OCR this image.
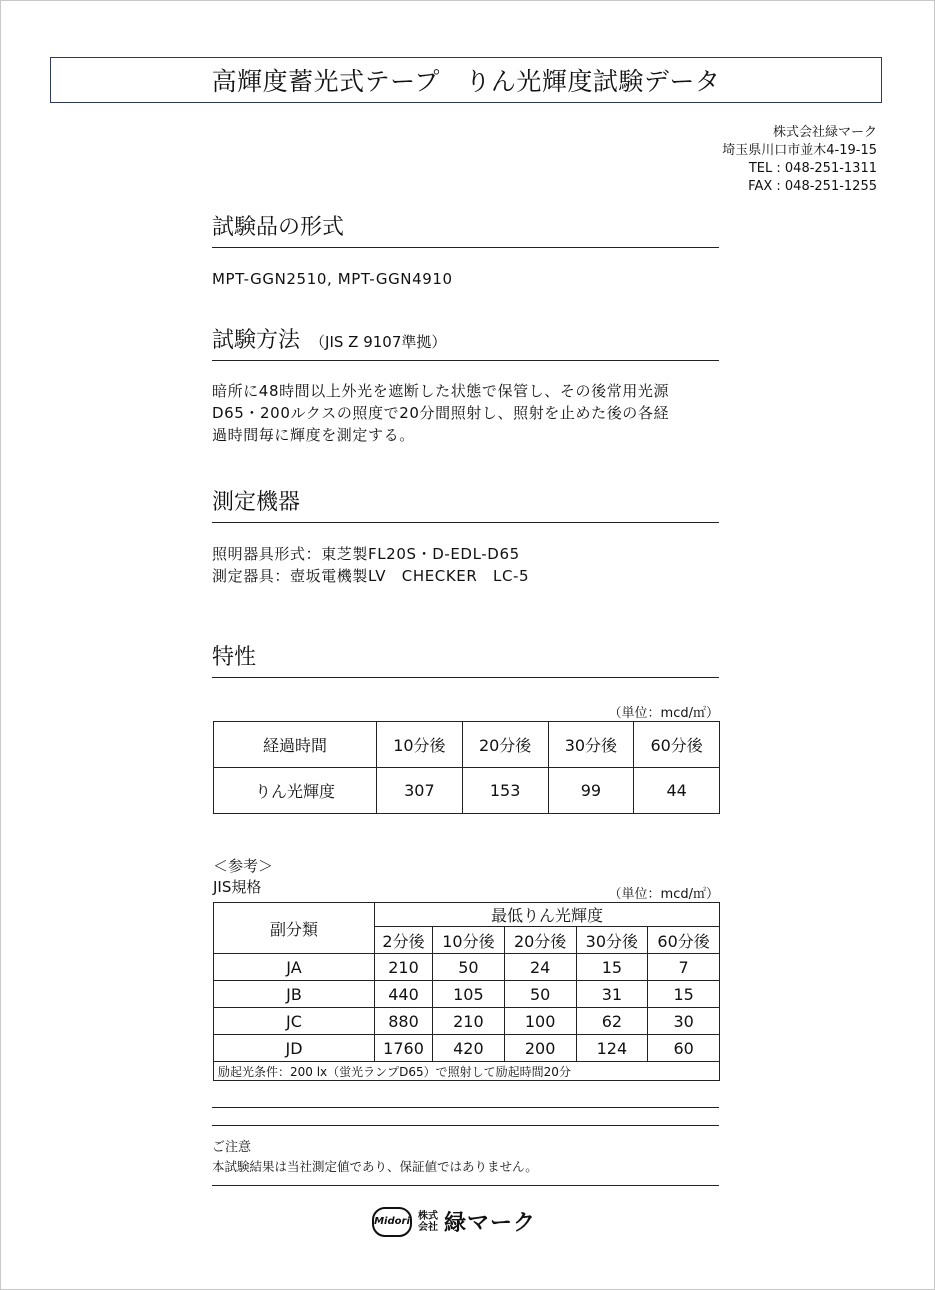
高輝度蓄光式テープ　りん光輝度試験データ
株式会社緑マーク
埼玉県川口市並木4-19-15
TEL : 048-251-1311
FAX : 048-251-1255
試験品の形式
MPT-GGN2510, MPT-GGN4910
試験方法 （JIS Z 9107準拠）
暗所に48時間以上外光を遮断した状態で保管し、その後常用光源
D65・200ルクスの照度で20分間照射し、照射を止めた後の各経
過時間毎に輝度を測定する。
測定機器
照明器具形式：東芝製FL20S・D-EDL-D65
測定器具：壺坂電機製LV　CHECKER　LC-5
特性
（単位：mcd/㎡）
経過時間	10分後	20分後	30分後	60分後
りん光輝度	307	153	99	44
＜参考＞
JIS規格	（単位：mcd/㎡）
副分類	最低りん光輝度				
	2分後	10分後	20分後	30分後	60分後
JA	210	50	24	15	7
JB	440	105	50	31	15
JC	880	210	100	62	30
JD	1760	420	200	124	60
励起光条件：200 lx（蛍光ランプD65）で照射して励起時間20分					
ご注意
本試験結果は当社測定値であり、保証値ではありません。
Midori 株式
会社 緑マーク
